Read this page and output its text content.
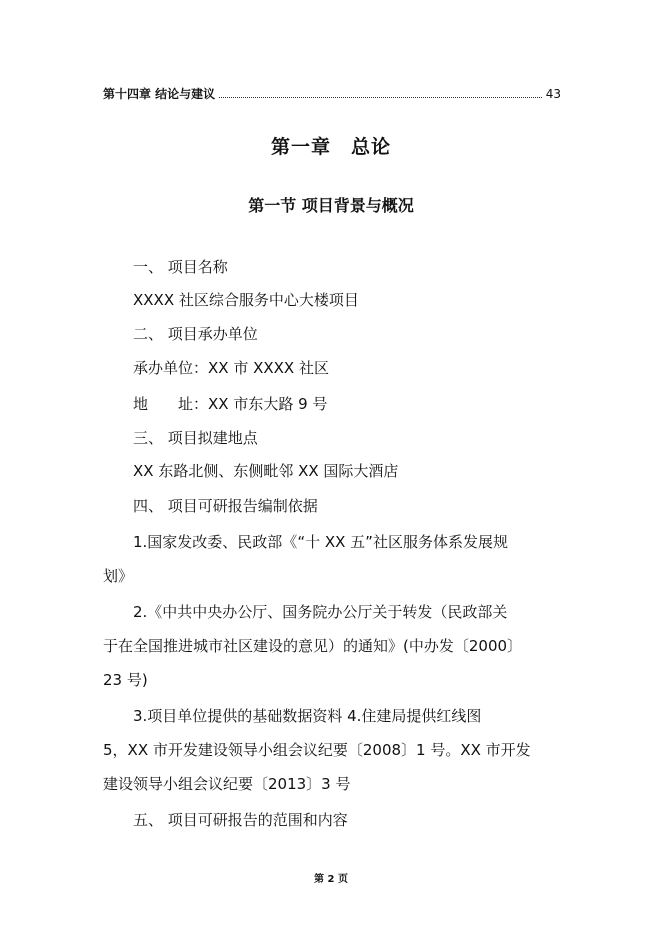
第十四章 结论与建议	43
第一章　总论
第一节 项目背景与概况
一、 项目名称
XXXX 社区综合服务中心大楼项目
二、 项目承办单位
承办单位：XX 市 XXXX 社区
地　　址：XX 市东大路 9 号
三、 项目拟建地点
XX 东路北侧、东侧毗邻 XX 国际大酒店
四、 项目可研报告编制依据
1.国家发改委、民政部《“十 XX 五”社区服务体系发展规
划》
2.《中共中央办公厅、国务院办公厅关于转发（民政部关
于在全国推进城市社区建设的意见）的通知》(中办发〔2000〕
23 号)
3.项目单位提供的基础数据资料 4.住建局提供红线图
5，XX 市开发建设领导小组会议纪要〔2008〕1 号。XX 市开发
建设领导小组会议纪要〔2013〕3 号
五、 项目可研报告的范围和内容
第 2 页
